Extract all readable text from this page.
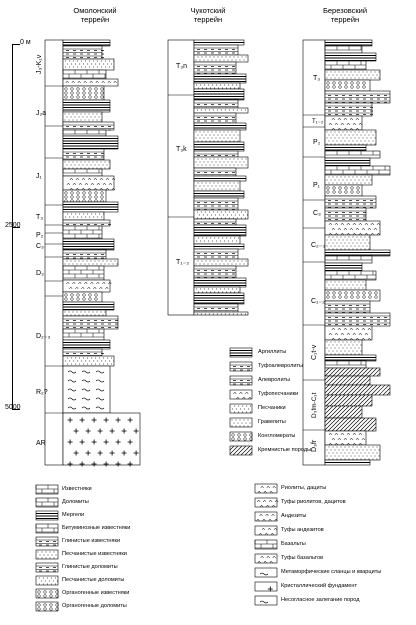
Омолонский
террейн
Чукотский
террейн
Березовский
террейн
0 м
2500
5000
J₃-K₁v
J₂a
J₁
T₃
P₂
C₃
D₃
D₂₋₃
R₂?
AR
T₃n
T₃k
T₁₋₂
T₃
T₁₋₂
P₂
P₁
C₃
C₂₋₃
C₁₋₂
C₁t-v
D₃fm-C₁t
D₃fr
Аргиллиты
Туфоалевролиты
Алевролиты
Туфопесчаники
Песчаники
Гравелиты
Конгломераты
Кремнистые породы
Известняки
Доломиты
Мергели
Битуминозные известняки
Глинистые известняки
Песчанистые известняки
Глинистые доломиты
Песчанистые доломиты
Органогенные известняки
Органогенные доломиты
Риолиты, дациты
Туфы риолитов, дацитов
Андезиты
Туфы андезитов
Базальты
Туфы базальтов
Метаморфические сланцы и кварциты
Кристаллический фундамент
Несогласное залегание пород
